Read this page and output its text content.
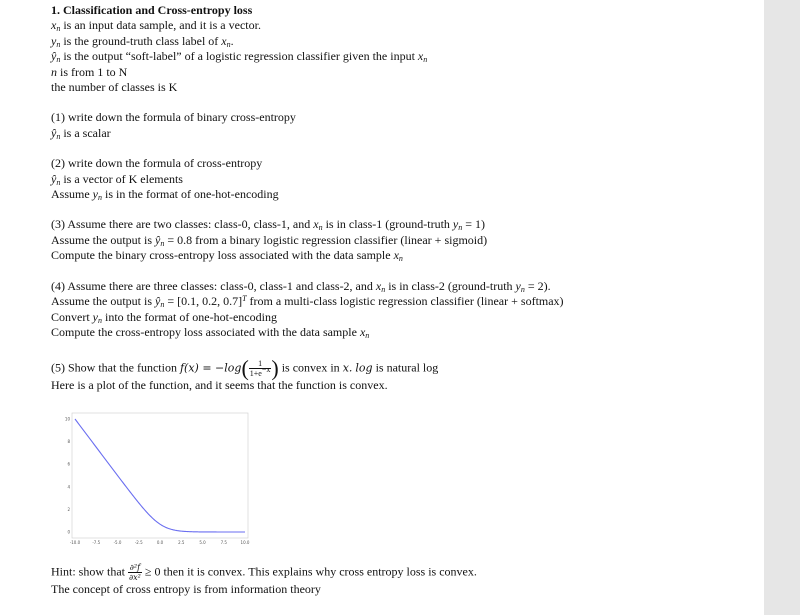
1. Classification and Cross-entropy loss
$x_n$ is an input data sample, and it is a vector.
$y_n$ is the ground-truth class label of $x_n$.
$ŷ_n$ is the output “soft-label” of a logistic regression classifier given the input $x_n$
n is from 1 to N
the number of classes is K
(1) write down the formula of binary cross-entropy
$ŷ_n$ is a scalar
(2) write down the formula of cross-entropy
$ŷ_n$ is a vector of K elements
Assume $y_n$ is in the format of one-hot-encoding
(3) Assume there are two classes: class-0, class-1, and $x_n$ is in class-1 (ground-truth $y_n = 1$)
Assume the output is $ŷ_n = 0.8$ from a binary logistic regression classifier (linear + sigmoid)
Compute the binary cross-entropy loss associated with the data sample $x_n$
(4) Assume there are three classes: class-0, class-1 and class-2, and $x_n$ is in class-2 (ground-truth $y_n = 2$).
Assume the output is $ŷ_n = [0.1$, 0.2, 0.7]$^T$ from a multi-class logistic regression classifier (linear + softmax)
Convert $y_n$ into the format of one-hot-encoding
Compute the cross-entropy loss associated with the data sample $x_n$
(5) Show that the function $f(x) = -\log( \frac{1}{1+e^{-x}}$ ) is convex in x. log is natural log
Here is a plot of the function, and it seems that the function is convex.
-10.0	-7.5	-5.0	-2.5	0.0	2.5	5.0	7.5	10.0
0
2
4
6
8
10
Hint: show that $\frac{\text{∂²f}}{\text{∂x²}} \ge 0$ then it is convex. This explains why cross entropy loss is convex.
The concept of cross entropy is from information theory
